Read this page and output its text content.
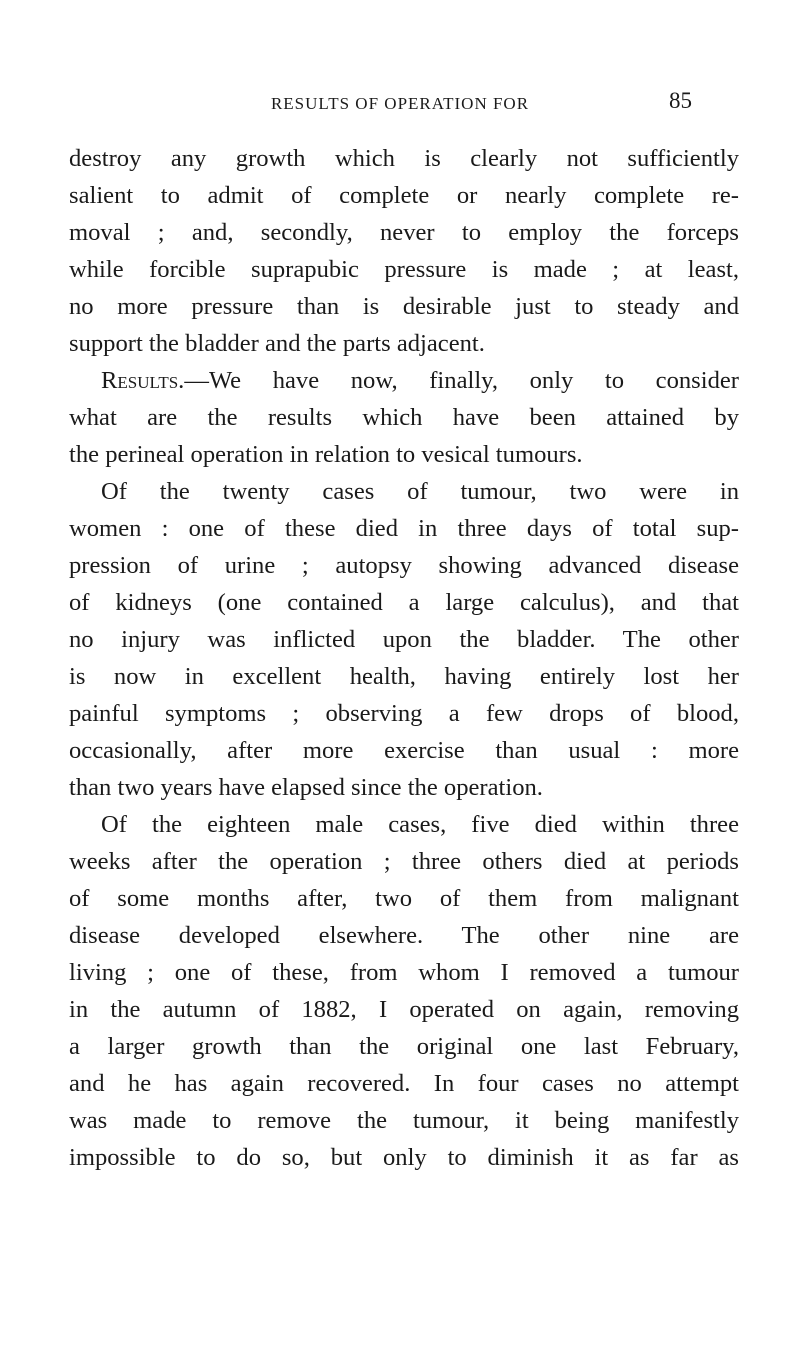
RESULTS OF OPERATION FOR	85
destroy any growth which is clearly not sufficiently
salient to admit of complete or nearly complete re-
moval ; and, secondly, never to employ the forceps
while forcible suprapubic pressure is made ; at least,
no more pressure than is desirable just to steady and
support the bladder and the parts adjacent.
Results.—We have now, finally, only to consider
what are the results which have been attained by
the perineal operation in relation to vesical tumours.
Of the twenty cases of tumour, two were in
women : one of these died in three days of total sup-
pression of urine ; autopsy showing advanced disease
of kidneys (one contained a large calculus), and that
no injury was inflicted upon the bladder. The other
is now in excellent health, having entirely lost her
painful symptoms ; observing a few drops of blood,
occasionally, after more exercise than usual : more
than two years have elapsed since the operation.
Of the eighteen male cases, five died within three
weeks after the operation ; three others died at periods
of some months after, two of them from malignant
disease developed elsewhere. The other nine are
living ; one of these, from whom I removed a tumour
in the autumn of 1882, I operated on again, removing
a larger growth than the original one last February,
and he has again recovered. In four cases no attempt
was made to remove the tumour, it being manifestly
impossible to do so, but only to diminish it as far as
